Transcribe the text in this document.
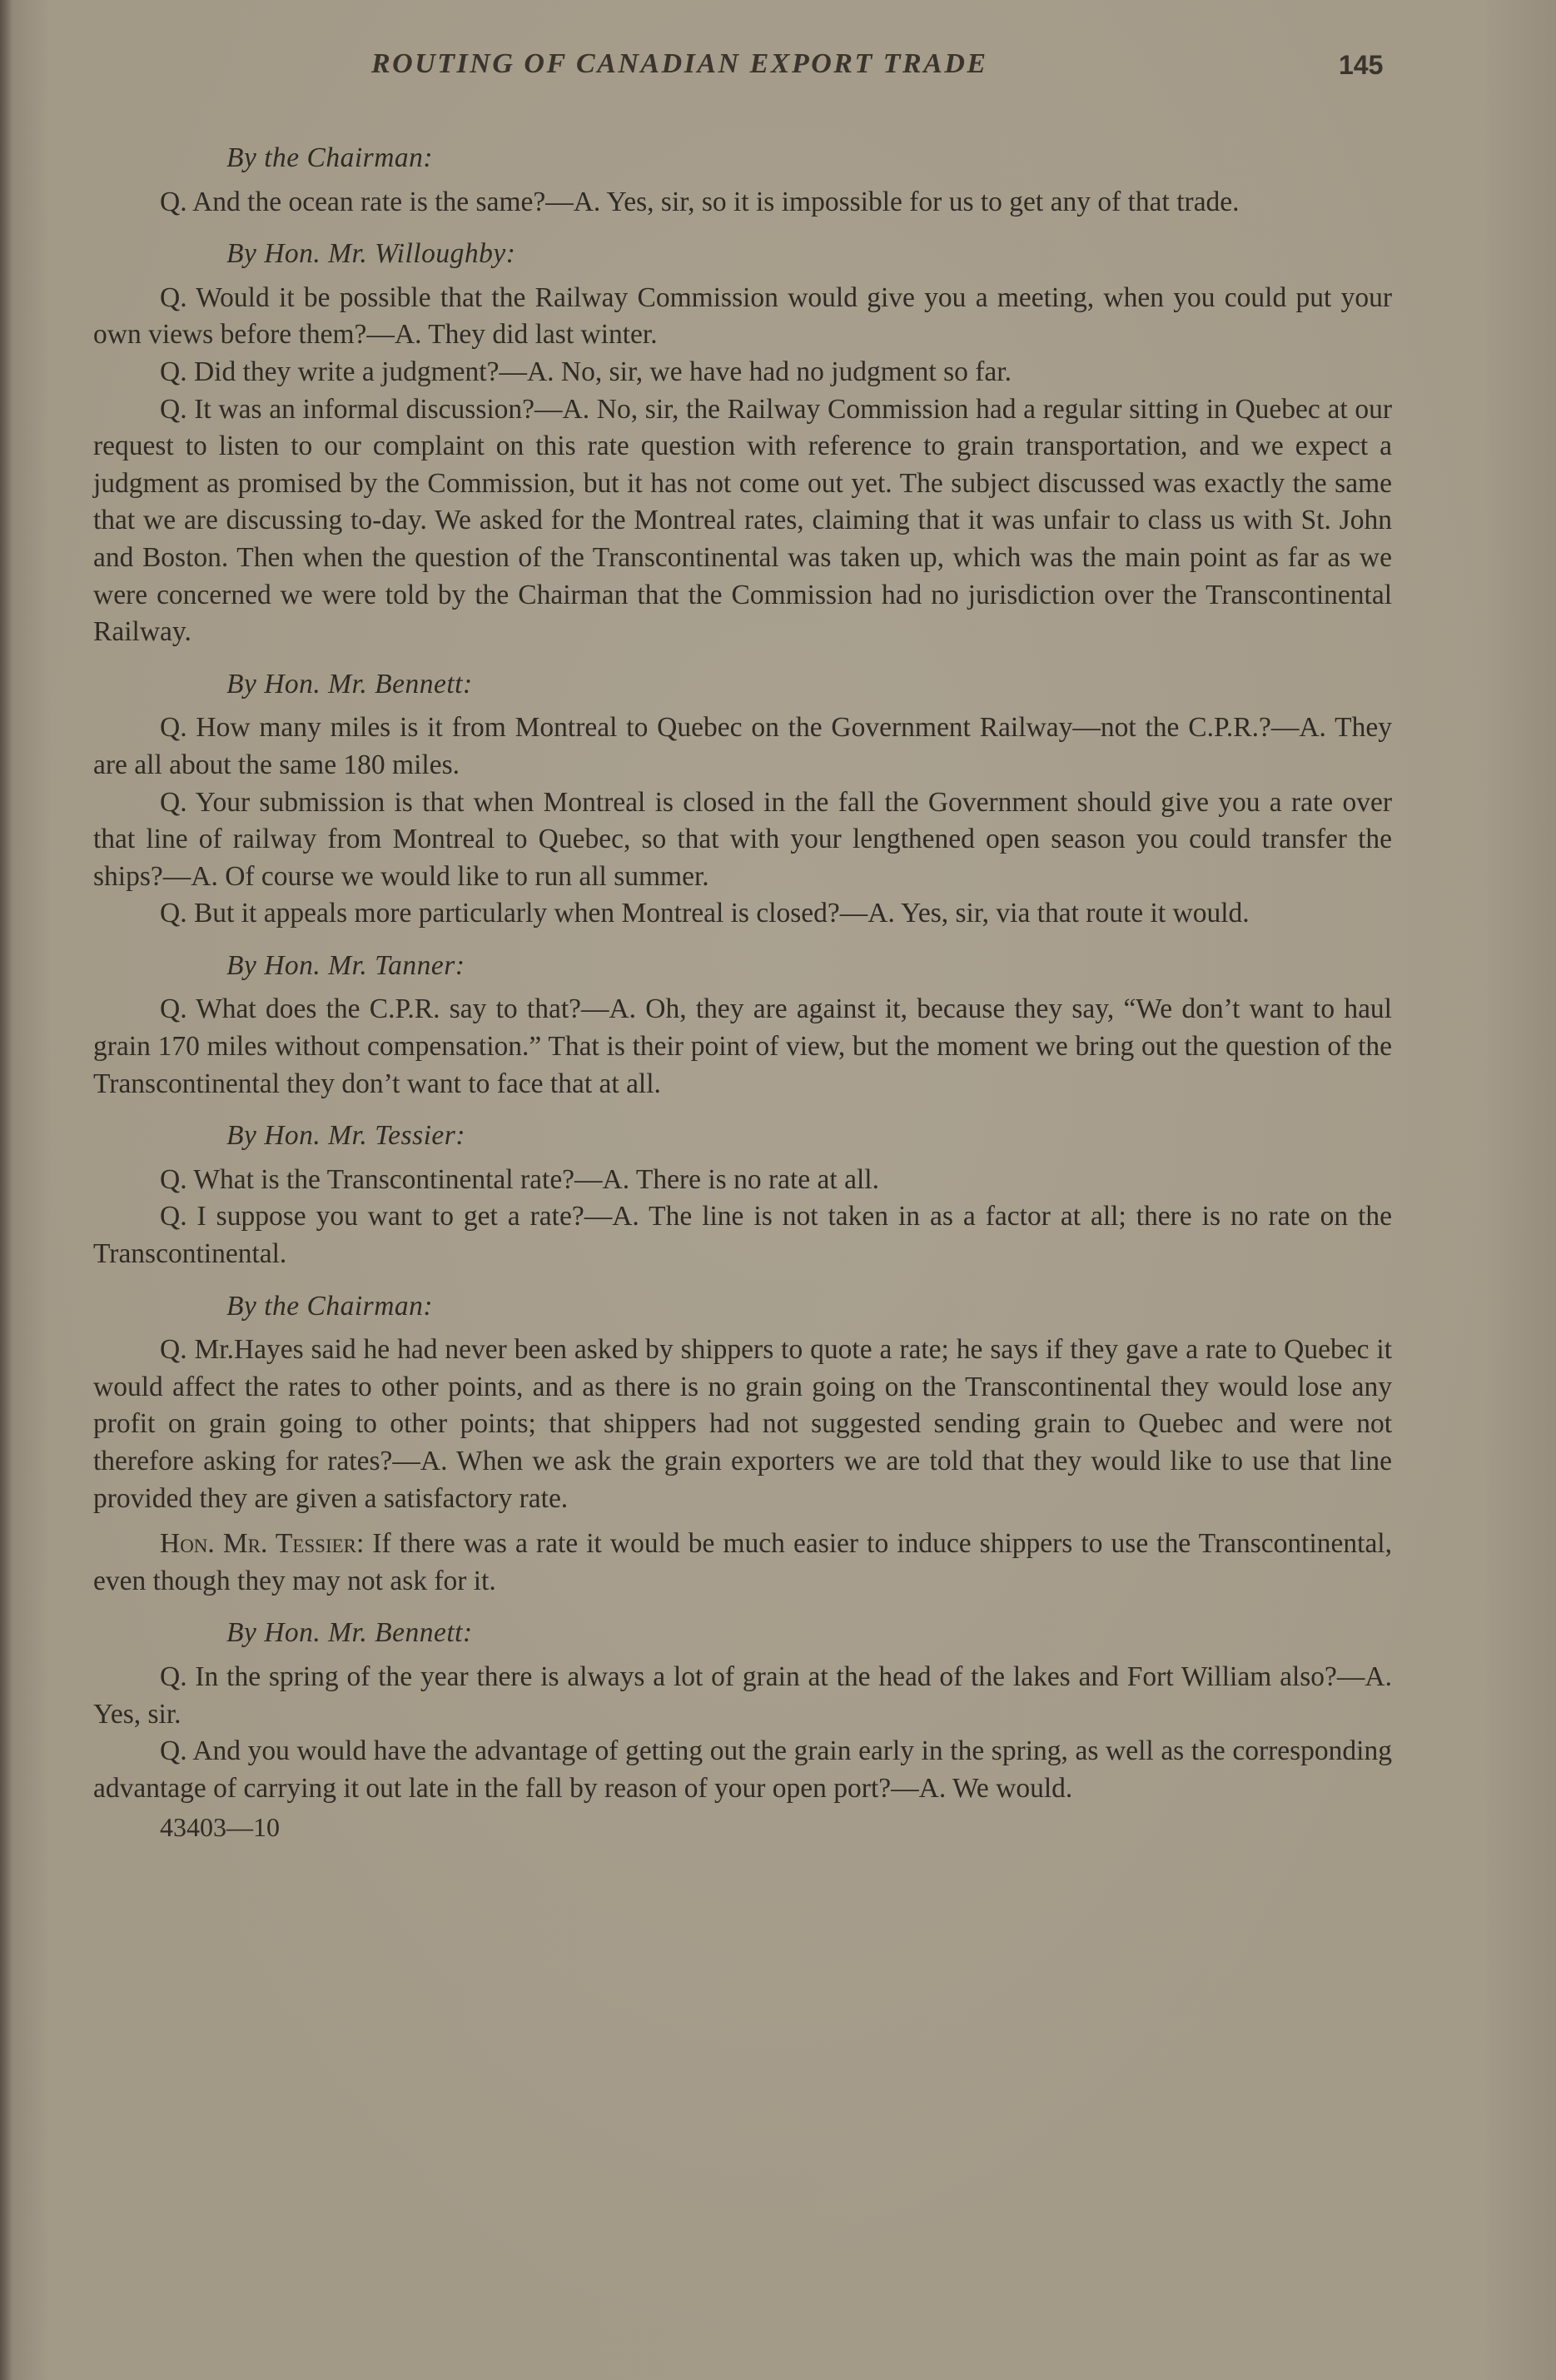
ROUTING OF CANADIAN EXPORT TRADE	145

By the Chairman:

Q. And the ocean rate is the same?—A. Yes, sir, so it is impossible for us to get any of that trade.

By Hon. Mr. Willoughby:

Q. Would it be possible that the Railway Commission would give you a meeting, when you could put your own views before them?—A. They did last winter.

Q. Did they write a judgment?—A. No, sir, we have had no judgment so far.

Q. It was an informal discussion?—A. No, sir, the Railway Commission had a regular sitting in Quebec at our request to listen to our complaint on this rate question with reference to grain transportation, and we expect a judgment as promised by the Commission, but it has not come out yet. The subject discussed was exactly the same that we are discussing to-day. We asked for the Montreal rates, claiming that it was unfair to class us with St. John and Boston. Then when the question of the Transcontinental was taken up, which was the main point as far as we were concerned we were told by the Chairman that the Commission had no jurisdiction over the Transcontinental Railway.

By Hon. Mr. Bennett:

Q. How many miles is it from Montreal to Quebec on the Government Railway—not the C.P.R.?—A. They are all about the same 180 miles.

Q. Your submission is that when Montreal is closed in the fall the Government should give you a rate over that line of railway from Montreal to Quebec, so that with your lengthened open season you could transfer the ships?—A. Of course we would like to run all summer.

Q. But it appeals more particularly when Montreal is closed?—A. Yes, sir, via that route it would.

By Hon. Mr. Tanner:

Q. What does the C.P.R. say to that?—A. Oh, they are against it, because they say, “We don’t want to haul grain 170 miles without compensation.” That is their point of view, but the moment we bring out the question of the Transcontinental they don’t want to face that at all.

By Hon. Mr. Tessier:

Q. What is the Transcontinental rate?—A. There is no rate at all.

Q. I suppose you want to get a rate?—A. The line is not taken in as a factor at all; there is no rate on the Transcontinental.

By the Chairman:

Q. Mr.Hayes said he had never been asked by shippers to quote a rate; he says if they gave a rate to Quebec it would affect the rates to other points, and as there is no grain going on the Transcontinental they would lose any profit on grain going to other points; that shippers had not suggested sending grain to Quebec and were not therefore asking for rates?—A. When we ask the grain exporters we are told that they would like to use that line provided they are given a satisfactory rate.

Hon. Mr. Tessier: If there was a rate it would be much easier to induce shippers to use the Transcontinental, even though they may not ask for it.

By Hon. Mr. Bennett:

Q. In the spring of the year there is always a lot of grain at the head of the lakes and Fort William also?—A. Yes, sir.

Q. And you would have the advantage of getting out the grain early in the spring, as well as the corresponding advantage of carrying it out late in the fall by reason of your open port?—A. We would.

43403—10
